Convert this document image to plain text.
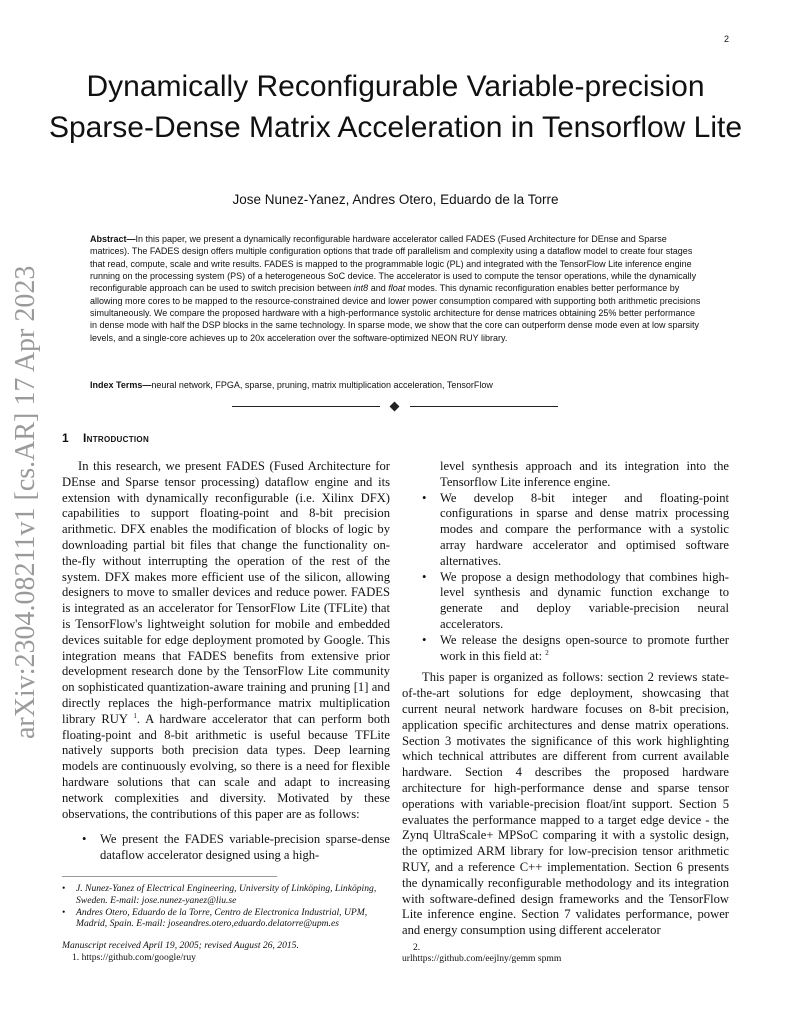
2
arXiv:2304.08211v1 [cs.AR] 17 Apr 2023
Dynamically Reconfigurable Variable-precision Sparse-Dense Matrix Acceleration in Tensorflow Lite
Jose Nunez-Yanez, Andres Otero, Eduardo de la Torre
Abstract—In this paper, we present a dynamically reconfigurable hardware accelerator called FADES (Fused Architecture for DEnse and Sparse matrices). The FADES design offers multiple configuration options that trade off parallelism and complexity using a dataflow model to create four stages that read, compute, scale and write results. FADES is mapped to the programmable logic (PL) and integrated with the TensorFlow Lite inference engine running on the processing system (PS) of a heterogeneous SoC device. The accelerator is used to compute the tensor operations, while the dynamically reconfigurable approach can be used to switch precision between int8 and float modes. This dynamic reconfiguration enables better performance by allowing more cores to be mapped to the resource-constrained device and lower power consumption compared with supporting both arithmetic precisions simultaneously. We compare the proposed hardware with a high-performance systolic architecture for dense matrices obtaining 25% better performance in dense mode with half the DSP blocks in the same technology. In sparse mode, we show that the core can outperform dense mode even at low sparsity levels, and a single-core achieves up to 20x acceleration over the software-optimized NEON RUY library.
Index Terms—neural network, FPGA, sparse, pruning, matrix multiplication acceleration, TensorFlow
1 Introduction

In this research, we present FADES (Fused Architecture for DEnse and Sparse tensor processing) dataflow engine and its extension with dynamically reconfigurable (i.e. Xilinx DFX) capabilities to support floating-point and 8-bit precision arithmetic. DFX enables the modification of blocks of logic by downloading partial bit files that change the functionality on-the-fly without interrupting the operation of the rest of the system. DFX makes more efficient use of the silicon, allowing designers to move to smaller devices and reduce power. FADES is integrated as an accelerator for TensorFlow Lite (TFLite) that is TensorFlow's lightweight solution for mobile and embedded devices suitable for edge deployment promoted by Google. This integration means that FADES benefits from extensive prior development research done by the TensorFlow Lite community on sophisticated quantization-aware training and pruning [1] and directly replaces the high-performance matrix multiplication library RUY $^1$. A hardware accelerator that can perform both floating-point and 8-bit arithmetic is useful because TFLite natively supports both precision data types. Deep learning models are continuously evolving, so there is a need for flexible hardware solutions that can scale and adapt to increasing network complexities and diversity. Motivated by these observations, the contributions of this paper are as follows:

• We present the FADES variable-precision sparse-dense dataflow accelerator designed using a high-
level synthesis approach and its integration into the Tensorflow Lite inference engine.
• We develop 8-bit integer and floating-point configurations in sparse and dense matrix processing modes and compare the performance with a systolic array hardware accelerator and optimised software alternatives.
• We propose a design methodology that combines high-level synthesis and dynamic function exchange to generate and deploy variable-precision neural accelerators.
• We release the designs open-source to promote further work in this field at: $^2$

This paper is organized as follows: section 2 reviews state-of-the-art solutions for edge deployment, showcasing that current neural network hardware focuses on 8-bit precision, application specific architectures and dense matrix operations. Section 3 motivates the significance of this work highlighting which technical attributes are different from current available hardware. Section 4 describes the proposed hardware architecture for high-performance dense and sparse tensor operations with variable-precision float/int support. Section 5 evaluates the performance mapped to a target edge device - the Zynq UltraScale+ MPSoC comparing it with a systolic design, the optimized ARM library for low-precision tensor arithmetic RUY, and a reference C++ implementation. Section 6 presents the dynamically reconfigurable methodology and its integration with software-defined design frameworks and the TensorFlow Lite inference engine. Section 7 validates performance, power and energy consumption using different accelerator

• J. Nunez-Yanez of Electrical Engineering, University of Linköping, Linköping, Sweden. E-mail: jose.nunez-yanez@liu.se
• Andres Otero, Eduardo de la Torre, Centro de Electronica Industrial, UPM, Madrid, Spain. E-mail: joseandres.otero,eduardo.delatorre@upm.es
Manuscript received April 19, 2005; revised August 26, 2015.
1. https://github.com/google/ruy
2.
urlhttps://github.com/eejlny/gemm spmm
